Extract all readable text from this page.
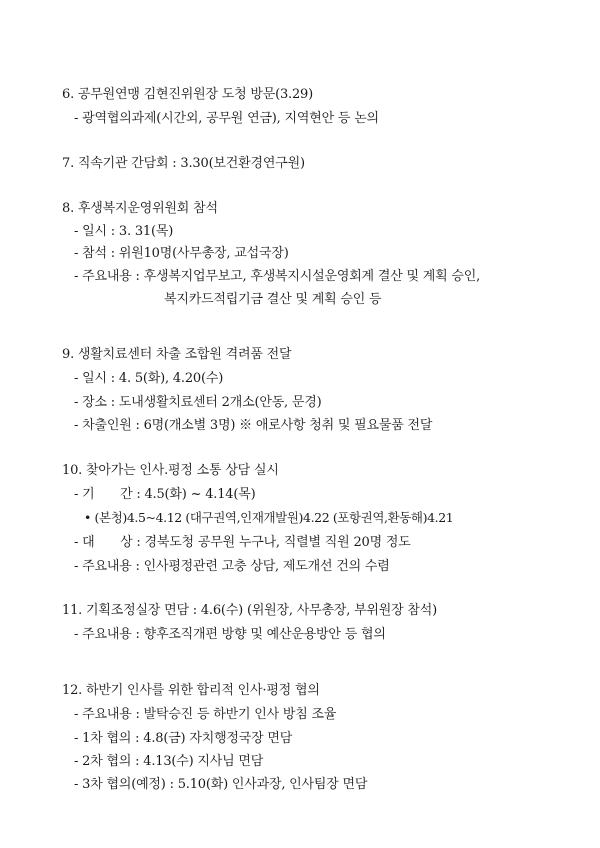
6. 공무원연맹 김현진위원장 도청 방문(3.29)
- 광역협의과제(시간외, 공무원 연금), 지역현안 등 논의
7. 직속기관 간담회 : 3.30(보건환경연구원)
8. 후생복지운영위원회 참석
- 일시 : 3. 31(목)
- 참석 : 위원10명(사무총장, 교섭국장)
- 주요내용 : 후생복지업무보고, 후생복지시설운영회계 결산 및 계획 승인,
복지카드적립기금 결산 및 계획 승인 등
9. 생활치료센터 차출 조합원 격려품 전달
- 일시 : 4. 5(화), 4.20(수)
- 장소 : 도내생활치료센터 2개소(안동, 문경)
- 차출인원 : 6명(개소별 3명) ※ 애로사항 청취 및 필요물품 전달
10. 찾아가는 인사.평정 소통 상담 실시
- 기　　간 : 4.5(화) ~ 4.14(목)
• (본청)4.5~4.12 (대구권역,인재개발원)4.22 (포항권역,환동해)4.21
- 대　　상 : 경북도청 공무원 누구나, 직렬별 직원 20명 정도
- 주요내용 : 인사평정관련 고충 상담, 제도개선 건의 수렴
11. 기획조정실장 면담 : 4.6(수) (위원장, 사무총장, 부위원장 참석)
- 주요내용 : 향후조직개편 방향 및 예산운용방안 등 협의
12. 하반기 인사를 위한 합리적 인사·평정 협의
- 주요내용 : 발탁승진 등 하반기 인사 방침 조율
- 1차 협의 : 4.8(금) 자치행정국장 면담
- 2차 협의 : 4.13(수) 지사님 면담
- 3차 협의(예정) : 5.10(화) 인사과장, 인사팀장 면담
